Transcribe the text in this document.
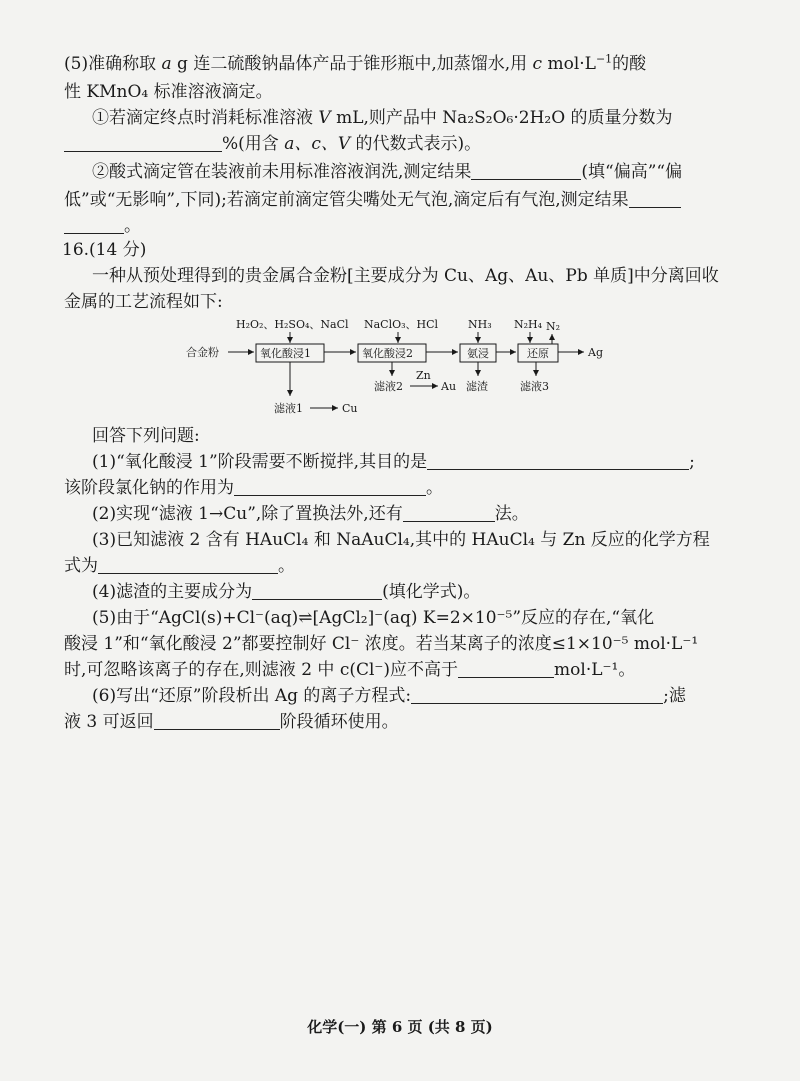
(5)准确称取 a g 连二硫酸钠晶体产品于锥形瓶中,加蒸馏水,用 c $mol\cdot L^{-1}$的酸
性 KMnO₄ 标准溶液滴定。
①若滴定终点时消耗标准溶液 V mL,则产品中 Na₂S₂O₆·2H₂O 的质量分数为
%(用含 a、c、V 的代数式表示)。
②酸式滴定管在装液前未用标准溶液润洗,测定结果	(填“偏高”“偏
低”或“无影响”,下同);若滴定前滴定管尖嘴处无气泡,滴定后有气泡,测定结果
。
16.(14 分)
一种从预处理得到的贵金属合金粉[主要成分为 Cu、Ag、Au、Pb 单质]中分离回收
金属的工艺流程如下:
H₂O₂、H₂SO₄、NaCl NaClO₃、HCl	NH₃ N₂H₄ N₂
合金粉	氧化酸浸1	氧化酸浸2	氨浸	还原	Ag
滤液1	Cu
滤液2
Zn
Au 滤渣	滤液3
回答下列问题:
(1)“氧化酸浸 1”阶段需要不断搅拌,其目的是	;
该阶段氯化钠的作用为	。
(2)实现“滤液 1→Cu”,除了置换法外,还有	法。
(3)已知滤液 2 含有 HAuCl₄ 和 NaAuCl₄,其中的 HAuCl₄ 与 Zn 反应的化学方程
式为	。
(4)滤渣的主要成分为	(填化学式)。
(5)由于“AgCl(s)+Cl⁻(aq)⇌[AgCl₂]⁻(aq) K=2×10⁻⁵”反应的存在,“氧化
酸浸 1”和“氧化酸浸 2”都要控制好 Cl⁻ 浓度。若当某离子的浓度≤1×10⁻⁵ mol·L⁻¹
时,可忽略该离子的存在,则滤液 2 中 c(Cl⁻)应不高于	mol·L⁻¹。
(6)写出“还原”阶段析出 Ag 的离子方程式:	;滤
液 3 可返回	阶段循环使用。
化学(一) 第 6 页 (共 8 页)
